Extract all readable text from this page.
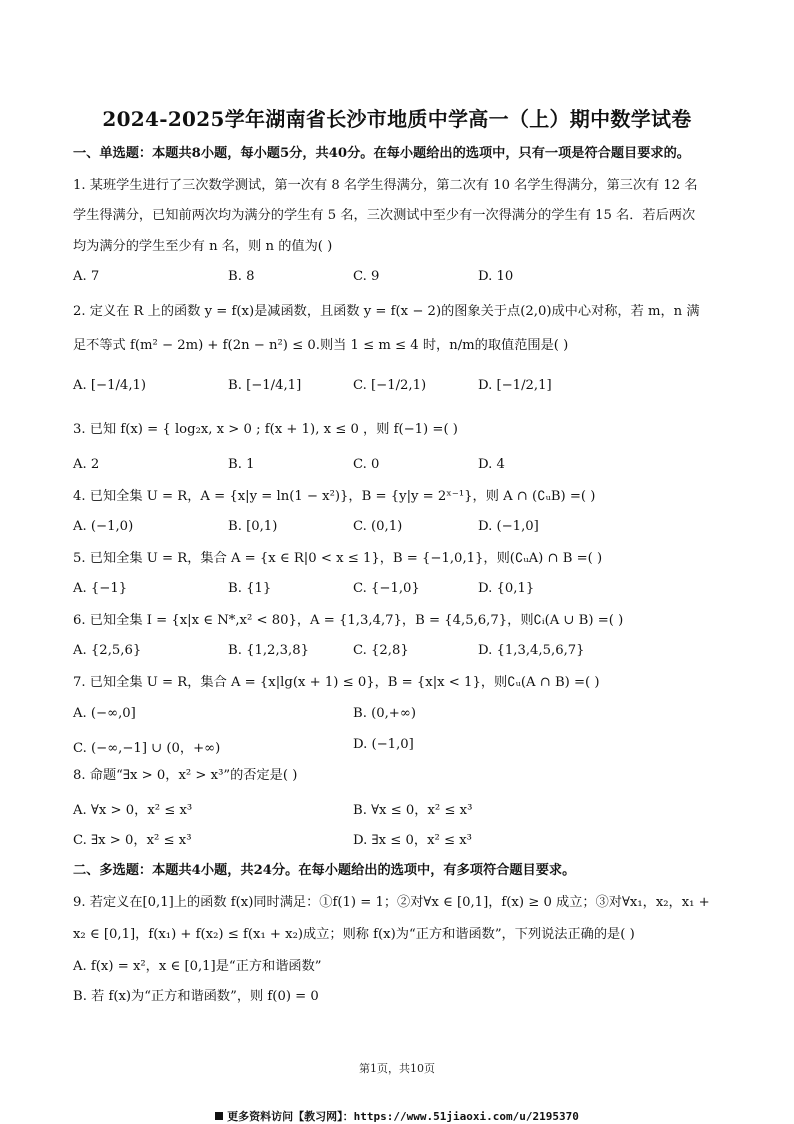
2024-2025学年湖南省长沙市地质中学高一（上）期中数学试卷
一、单选题：本题共8小题，每小题5分，共40分。在每小题给出的选项中，只有一项是符合题目要求的。
1. 某班学生进行了三次数学测试，第一次有 8 名学生得满分，第二次有 10 名学生得满分，第三次有 12 名
学生得满分，已知前两次均为满分的学生有 5 名，三次测试中至少有一次得满分的学生有 15 名．若后两次
均为满分的学生至少有 n 名，则 n 的值为( )
A. 7	B. 8	C. 9	D. 10
2. 定义在 R 上的函数 y = f(x)是减函数，且函数 y = f(x − 2)的图象关于点(2,0)成中心对称，若 m，n 满
足不等式 f(m² − 2m) + f(2n − n²) ≤ 0.则当 1 ≤ m ≤ 4 时，n/m的取值范围是( )
A. [−1/4,1)	B. [−1/4,1]	C. [−1/2,1)	D. [−1/2,1]
3. 已知 f(x) = { log₂x, x > 0 ; f(x + 1), x ≤ 0 ，则 f(−1) =( )
A. 2	B. 1	C. 0	D. 4
4. 已知全集 U = R，A = {x|y = ln(1 − x²)}，B = {y|y = 2ˣ⁻¹}，则 A ∩ (∁ᵤB) =( )
A. (−1,0)	B. [0,1)	C. (0,1)	D. (−1,0]
5. 已知全集 U = R，集合 A = {x ∈ R|0 < x ≤ 1}，B = {−1,0,1}，则(∁ᵤA) ∩ B =( )
A. {−1}	B. {1}	C. {−1,0}	D. {0,1}
6. 已知全集 I = {x|x ∈ N*,x² < 80}，A = {1,3,4,7}，B = {4,5,6,7}，则∁ᵢ(A ∪ B) =( )
A. {2,5,6}	B. {1,2,3,8}	C. {2,8}	D. {1,3,4,5,6,7}
7. 已知全集 U = R，集合 A = {x|lg(x + 1) ≤ 0}，B = {x|x < 1}，则∁ᵤ(A ∩ B) =( )
A. (−∞,0]	B. (0,+∞)
C. (−∞,−1] ∪ (0，+∞)	D. (−1,0]
8. 命题“∃x > 0，x² > x³”的否定是( )
A. ∀x > 0，x² ≤ x³	B. ∀x ≤ 0，x² ≤ x³
C. ∃x > 0，x² ≤ x³	D. ∃x ≤ 0，x² ≤ x³
二、多选题：本题共4小题，共24分。在每小题给出的选项中，有多项符合题目要求。
9. 若定义在[0,1]上的函数 f(x)同时满足：①f(1) = 1；②对∀x ∈ [0,1]，f(x) ≥ 0 成立；③对∀x₁，x₂，x₁ +
x₂ ∈ [0,1]，f(x₁) + f(x₂) ≤ f(x₁ + x₂)成立；则称 f(x)为“正方和谐函数”，下列说法正确的是( )
A. f(x) = x²，x ∈ [0,1]是“正方和谐函数”
B. 若 f(x)为“正方和谐函数”，则 f(0) = 0
第1页，共10页
更多资料访问【教习网】：https://www.51jiaoxi.com/u/2195370
